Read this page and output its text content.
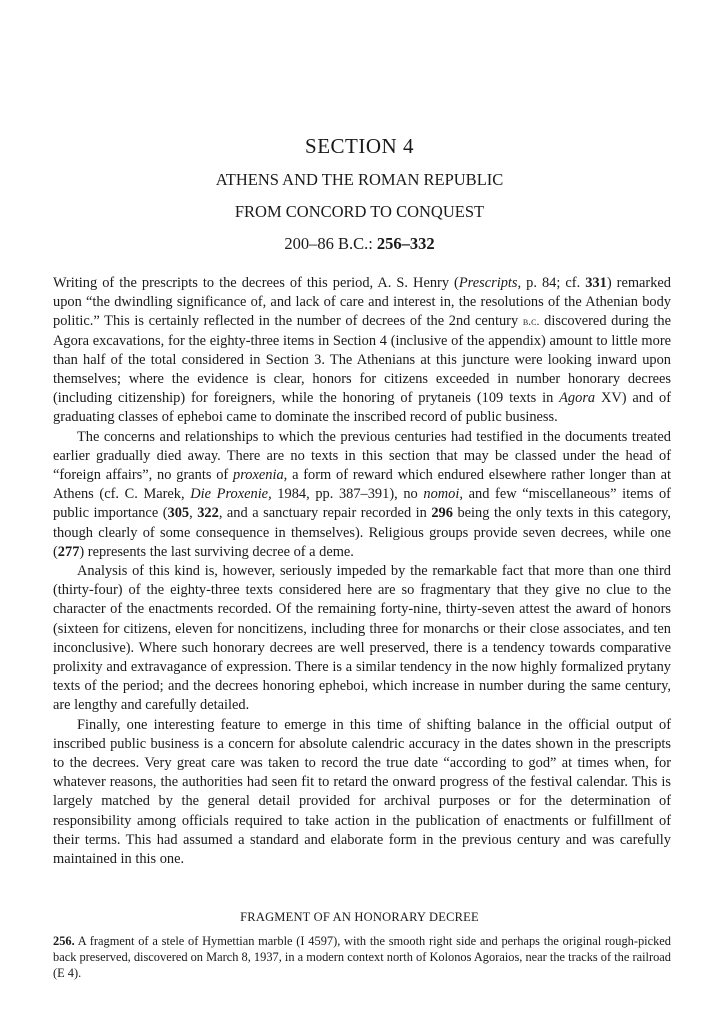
SECTION 4
ATHENS AND THE ROMAN REPUBLIC
FROM CONCORD TO CONQUEST
200–86 B.C.: 256–332

Writing of the prescripts to the decrees of this period, A. S. Henry (Prescripts, p. 84; cf. 331) remarked upon “the dwindling significance of, and lack of care and interest in, the resolutions of the Athenian body politic.” This is certainly reflected in the number of decrees of the 2nd century b.c. discovered during the Agora excavations, for the eighty-three items in Section 4 (inclusive of the appendix) amount to little more than half of the total considered in Section 3. The Athenians at this juncture were looking inward upon themselves; where the evidence is clear, honors for citizens exceeded in number honorary decrees (including citizenship) for foreigners, while the honoring of prytaneis (109 texts in Agora XV) and of graduating classes of epheboi came to dominate the inscribed record of public business.

The concerns and relationships to which the previous centuries had testified in the documents treated earlier gradually died away. There are no texts in this section that may be classed under the head of “foreign affairs”, no grants of proxenia, a form of reward which endured elsewhere rather longer than at Athens (cf. C. Marek, Die Proxenie, 1984, pp. 387–391), no nomoi, and few “miscellaneous” items of public importance (305, 322, and a sanctuary repair recorded in 296 being the only texts in this category, though clearly of some consequence in themselves). Religious groups provide seven decrees, while one (277) represents the last surviving decree of a deme.

Analysis of this kind is, however, seriously impeded by the remarkable fact that more than one third (thirty-four) of the eighty-three texts considered here are so fragmentary that they give no clue to the character of the enactments recorded. Of the remaining forty-nine, thirty-seven attest the award of honors (sixteen for citizens, eleven for noncitizens, including three for monarchs or their close associates, and ten inconclusive). Where such honorary decrees are well preserved, there is a tendency towards comparative prolixity and extravagance of expression. There is a similar tendency in the now highly formalized prytany texts of the period; and the decrees honoring epheboi, which increase in number during the same century, are lengthy and carefully detailed.

Finally, one interesting feature to emerge in this time of shifting balance in the official output of inscribed public business is a concern for absolute calendric accuracy in the dates shown in the prescripts to the decrees. Very great care was taken to record the true date “according to god” at times when, for whatever reasons, the authorities had seen fit to retard the onward progress of the festival calendar. This is largely matched by the general detail provided for archival purposes or for the determination of responsibility among officials required to take action in the publication of enactments or fulfillment of their terms. This had assumed a standard and elaborate form in the previous century and was carefully maintained in this one.

FRAGMENT OF AN HONORARY DECREE
256. A fragment of a stele of Hymettian marble (I 4597), with the smooth right side and perhaps the original rough-picked back preserved, discovered on March 8, 1937, in a modern context north of Kolonos Agoraios, near the tracks of the railroad (E 4).
